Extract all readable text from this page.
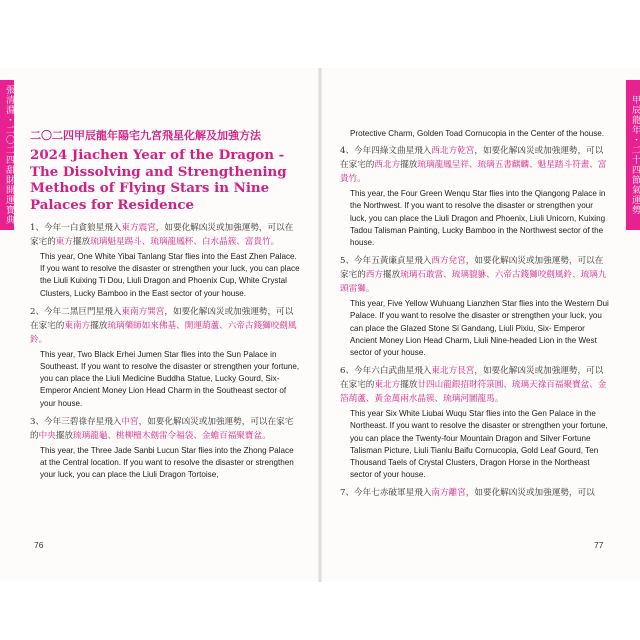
張清淵・二〇二四甜財開運寶典	甲辰龍年・二十四節氣運勢
二〇二四甲辰龍年陽宅九宮飛星化解及加強方法
2024 Jiachen Year of the Dragon - The Dissolving and Strengthening Methods of Flying Stars in Nine Palaces for Residence
1、今年一白貪狼星飛入東方震宮，如要化解凶災或加強運勢，可以在家宅的東方擺放琉璃魁星踢斗、琉璃龍鳳杯、白水晶簇、富貴竹。
This year, One White Yibai Tanlang Star flies into the East Zhen Palace. If you want to resolve the disaster or strengthen your luck, you can place the Liuli Kuixing Ti Dou, Liuli Dragon and Phoenix Cup, White Crystal Clusters, Lucky Bamboo in the East sector of your house.
2、今年二黑巨門星飛入東南方巽宮，如要化解凶災或加強運勢，可以在家宅的東南方擺放琉璃藥師如來佛基、開運葫蘆、六帝古錢獅咬劍風鈴。
This year, Two Black Erhei Jumen Star flies into the Sun Palace in Southeast. If you want to resolve the disaster or strengthen your fortune, you can place the Liuli Medicine Buddha Statue, Lucky Gourd, Six-Emperor Ancient Money Lion Head Charm in the Southeast sector of your house.
3、今年三碧祿存星飛入中宮，如要化解凶災或加強運勢，可以在家宅的中央擺放琉璃龍龜、桃柳檀木劍雷令褔袋、金蟾百福聚寶盆。
This year, the Three Jade Sanbi Lucun Star flies into the Zhong Palace at the Central location. If you want to resolve the disaster or strengthen your luck, you can place the Liuli Dragon Tortoise,
Protective Charm, Golden Toad Cornucopia in the Center of the house.
4、今年四綠文曲星飛入西北方乾宮，如要化解凶災或加強運勢，可以在家宅的西北方擺放琉璃龍鳳呈祥、琉璃五書麒麟、魁星踏斗符畫、富貴竹。
This year, the Four Green Wenqu Star flies into the Qiangong Palace in the Northwest. If you want to resolve the disaster or strengthen your luck, you can place the Liuli Dragon and Phoenix, Liuli Unicorn, Kuixing Tadou Talisman Painting, Lucky Bamboo in the Northwest sector of the house.
5、今年五黃廉貞星飛入西方兌宮，如要化解凶災或加強運勢，可以在家宅的西方擺放琉璃石敢當、琉璃貔貅、六帝古錢獅咬劍風鈴、琉璃九頭雷獅。
This year, Five Yellow Wuhuang Lianzhen Star flies into the Western Dui Palace. If you want to resolve the disaster or strengthen your luck, you can place the Glazed Stone Si Gandang, Liuli Pixiu, Six- Emperor Ancient Money Lion Head Charm, Liuli Nine-headed Lion in the West sector of your house.
6、今年六白武曲星飛入東北方艮宮，如要化解凶災或加強運勢，可以在家宅的東北方擺放廿四山龍銀招財符箓圓、琉璃天祿百福聚寶盆、金箔葫蘆、黃金萬兩水晶簇、琉璃河圖龍馬。
This year Six White Liubai Wuqu Star flies into the Gen Palace in the Northeast. If you want to resolve the disaster or strengthen your fortune, you can place the Twenty-four Mountain Dragon and Silver Fortune Talisman Picture, Liuli Tianlu Baifu Cornucopia, Gold Leaf Gourd, Ten Thousand Taels of Crystal Clusters, Dragon Horse in the Northeast sector of your house.
7、今年七赤破軍星飛入南方離宮，如要化解凶災或加強運勢，可以
76	77
